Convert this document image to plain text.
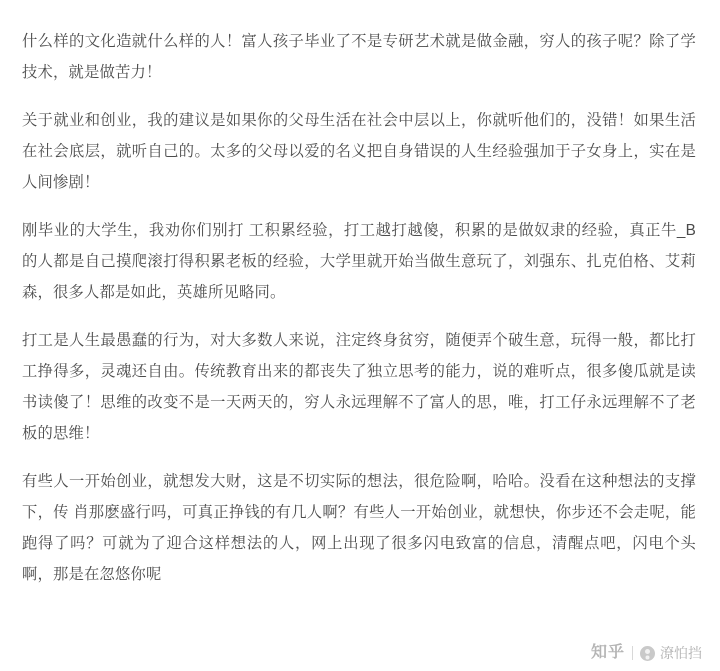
什么样的文化造就什么样的人！富人孩子毕业了不是专研艺术就是做金融，穷人的孩子呢？除了学技术，就是做苦力！

关于就业和创业，我的建议是如果你的父母生活在社会中层以上，你就听他们的，没错！如果生活在社会底层，就听自己的。太多的父母以爱的名义把自身错误的人生经验强加于子女身上，实在是人间惨剧！

刚毕业的大学生，我劝你们别打 工积累经验，打工越打越傻，积累的是做奴隶的经验，真正牛_B的人都是自己摸爬滚打得积累老板的经验，大学里就开始当做生意玩了，刘强东、扎克伯格、艾莉森，很多人都是如此，英雄所见略同。

打工是人生最愚蠢的行为，对大多数人来说，注定终身贫穷，随便弄个破生意，玩得一般，都比打工挣得多，灵魂还自由。传统教育出来的都丧失了独立思考的能力，说的难听点，很多傻瓜就是读书读傻了！思维的改变不是一天两天的，穷人永远理解不了富人的思，唯，打工仔永远理解不了老板的思维！

有些人一开始创业，就想发大财，这是不切实际的想法，很危险啊，哈哈。没看在这种想法的支撑下，传 肖那麽盛行吗，可真正挣钱的有几人啊？有些人一开始创业，就想快，你步还不会走呢，能跑得了吗？可就为了迎合这样想法的人，网上出现了很多闪电致富的信息，清醒点吧，闪电个头啊，那是在忽悠你呢

知乎	潦怕挡
